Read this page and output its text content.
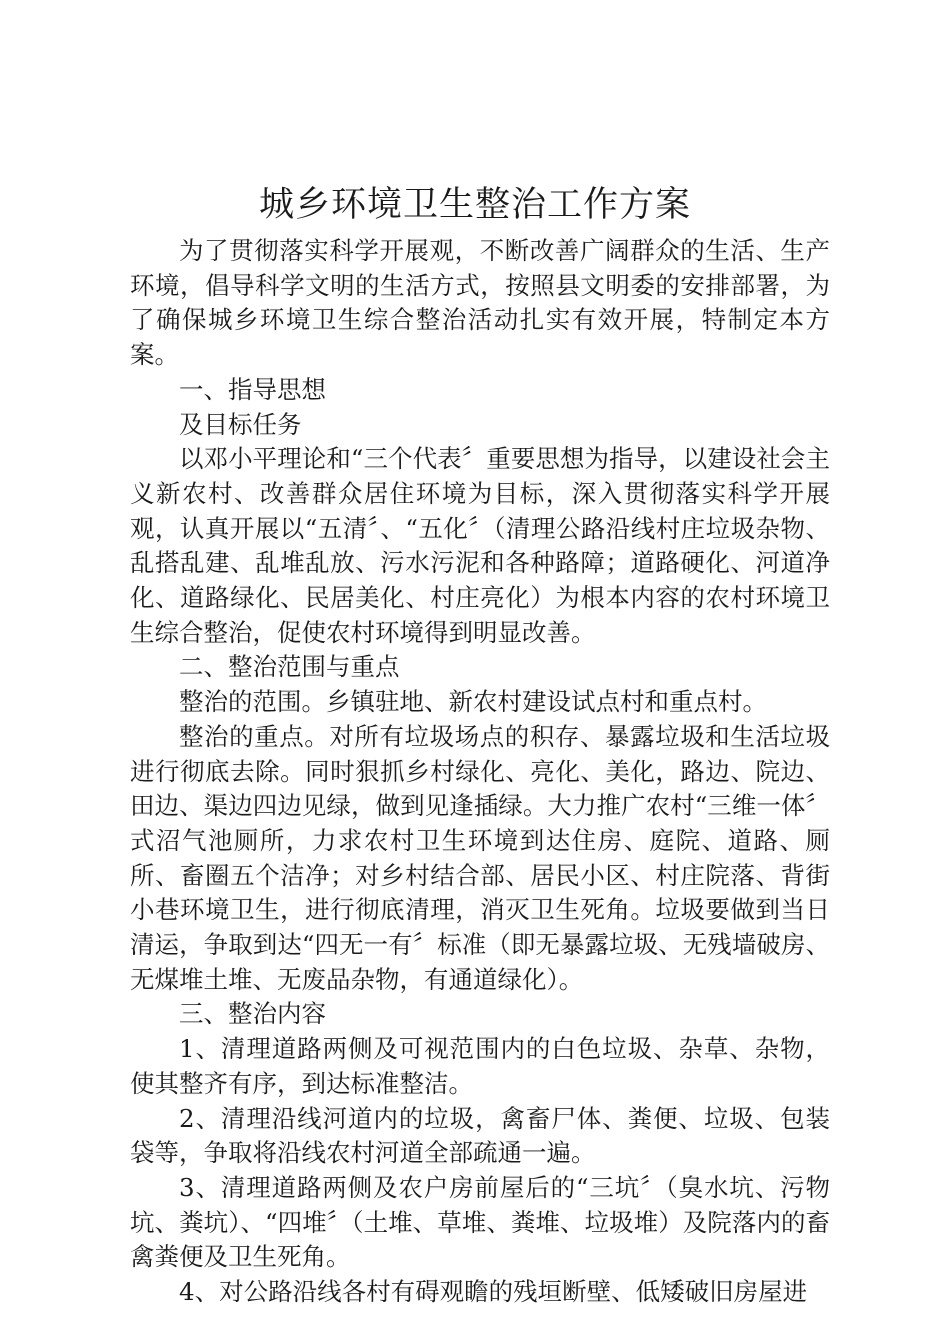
城乡环境卫生整治工作方案

为了贯彻落实科学开展观，不断改善广阔群众的生活、生产环境，倡导科学文明的生活方式，按照县文明委的安排部署，为了确保城乡环境卫生综合整治活动扎实有效开展，特制定本方案。

一、指导思想

及目标任务

以邓小平理论和“三个代表〞重要思想为指导，以建设社会主义新农村、改善群众居住环境为目标，深入贯彻落实科学开展观，认真开展以“五清〞、“五化〞（清理公路沿线村庄垃圾杂物、乱搭乱建、乱堆乱放、污水污泥和各种路障；道路硬化、河道净化、道路绿化、民居美化、村庄亮化）为根本内容的农村环境卫生综合整治，促使农村环境得到明显改善。

二、整治范围与重点

整治的范围。乡镇驻地、新农村建设试点村和重点村。

整治的重点。对所有垃圾场点的积存、暴露垃圾和生活垃圾进行彻底去除。同时狠抓乡村绿化、亮化、美化，路边、院边、田边、渠边四边见绿，做到见逢插绿。大力推广农村“三维一体〞式沼气池厕所，力求农村卫生环境到达住房、庭院、道路、厕所、畜圈五个洁净；对乡村结合部、居民小区、村庄院落、背街小巷环境卫生，进行彻底清理，消灭卫生死角。垃圾要做到当日清运，争取到达“四无一有〞标准（即无暴露垃圾、无残墙破房、无煤堆土堆、无废品杂物，有通道绿化）。

三、整治内容

1、清理道路两侧及可视范围内的白色垃圾、杂草、杂物，使其整齐有序，到达标准整洁。

2、清理沿线河道内的垃圾，禽畜尸体、粪便、垃圾、包装袋等，争取将沿线农村河道全部疏通一遍。

3、清理道路两侧及农户房前屋后的“三坑〞（臭水坑、污物坑、粪坑）、“四堆〞（土堆、草堆、粪堆、垃圾堆）及院落内的畜禽粪便及卫生死角。

4、对公路沿线各村有碍观瞻的残垣断壁、低矮破旧房屋进
